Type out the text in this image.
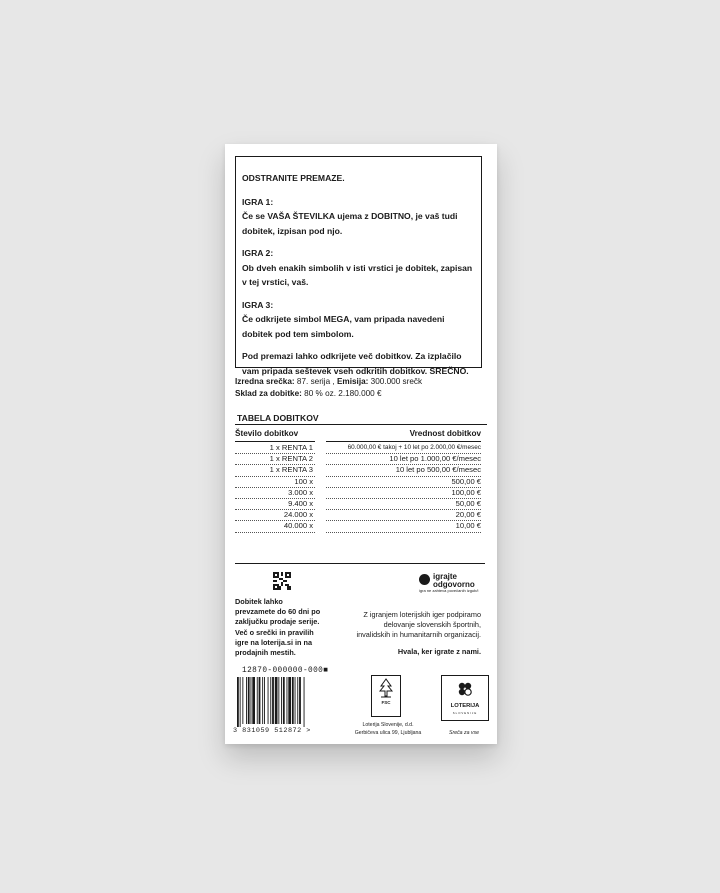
ODSTRANITE PREMAZE.

IGRA 1:

Če se VAŠA ŠTEVILKA ujema z DOBITNO, je vaš tudi dobitek, izpisan pod njo.

IGRA 2:

Ob dveh enakih simbolih v isti vrstici je dobitek, zapisan v tej vrstici, vaš.

IGRA 3:

Če odkrijete simbol MEGA, vam pripada navedeni dobitek pod tem simbolom.

Pod premazi lahko odkrijete več dobitkov. Za izplačilo vam pripada seštevek vseh odkritih dobitkov. SREČNO.

Izredna srečka: 87. serija , Emisija: 300.000 srečk
Sklad za dobitke: 80 % oz. 2.180.000 €
TABELA DOBITKOV
Število dobitkov
1 x RENTA 1
1 x RENTA 2
1 x RENTA 3
100 x
3.000 x
9.400 x
24.000 x
40.000 x
Vrednost dobitkov
60.000,00 € takoj + 10 let po 2.000,00 €/mesec
10 let po 1.000,00 €/mesec
10 let po 500,00 €/mesec
500,00 €
100,00 €
50,00 €
20,00 €
10,00 €
igrajte
odgovorno
igra ne zahteva povečanih izgub/i
Dobitek lahko prevzamete do 60 dni po zaključku prodaje serije. Več o srečki in pravilih igre na loterija.si in na prodajnih mestih.
Z igranjem loterijskih iger podpiramo delovanje slovenskih športnih, invalidskih in humanitarnih organizacij.
Hvala, ker igrate z nami.
12870-000000-000■
3 831059 512872 >
FSC
Loterija Slovenije, d.d.
Gerbičeva ulica 99, Ljubljana
LOTERIJA
SLOVENIJE
Sreča za vse
